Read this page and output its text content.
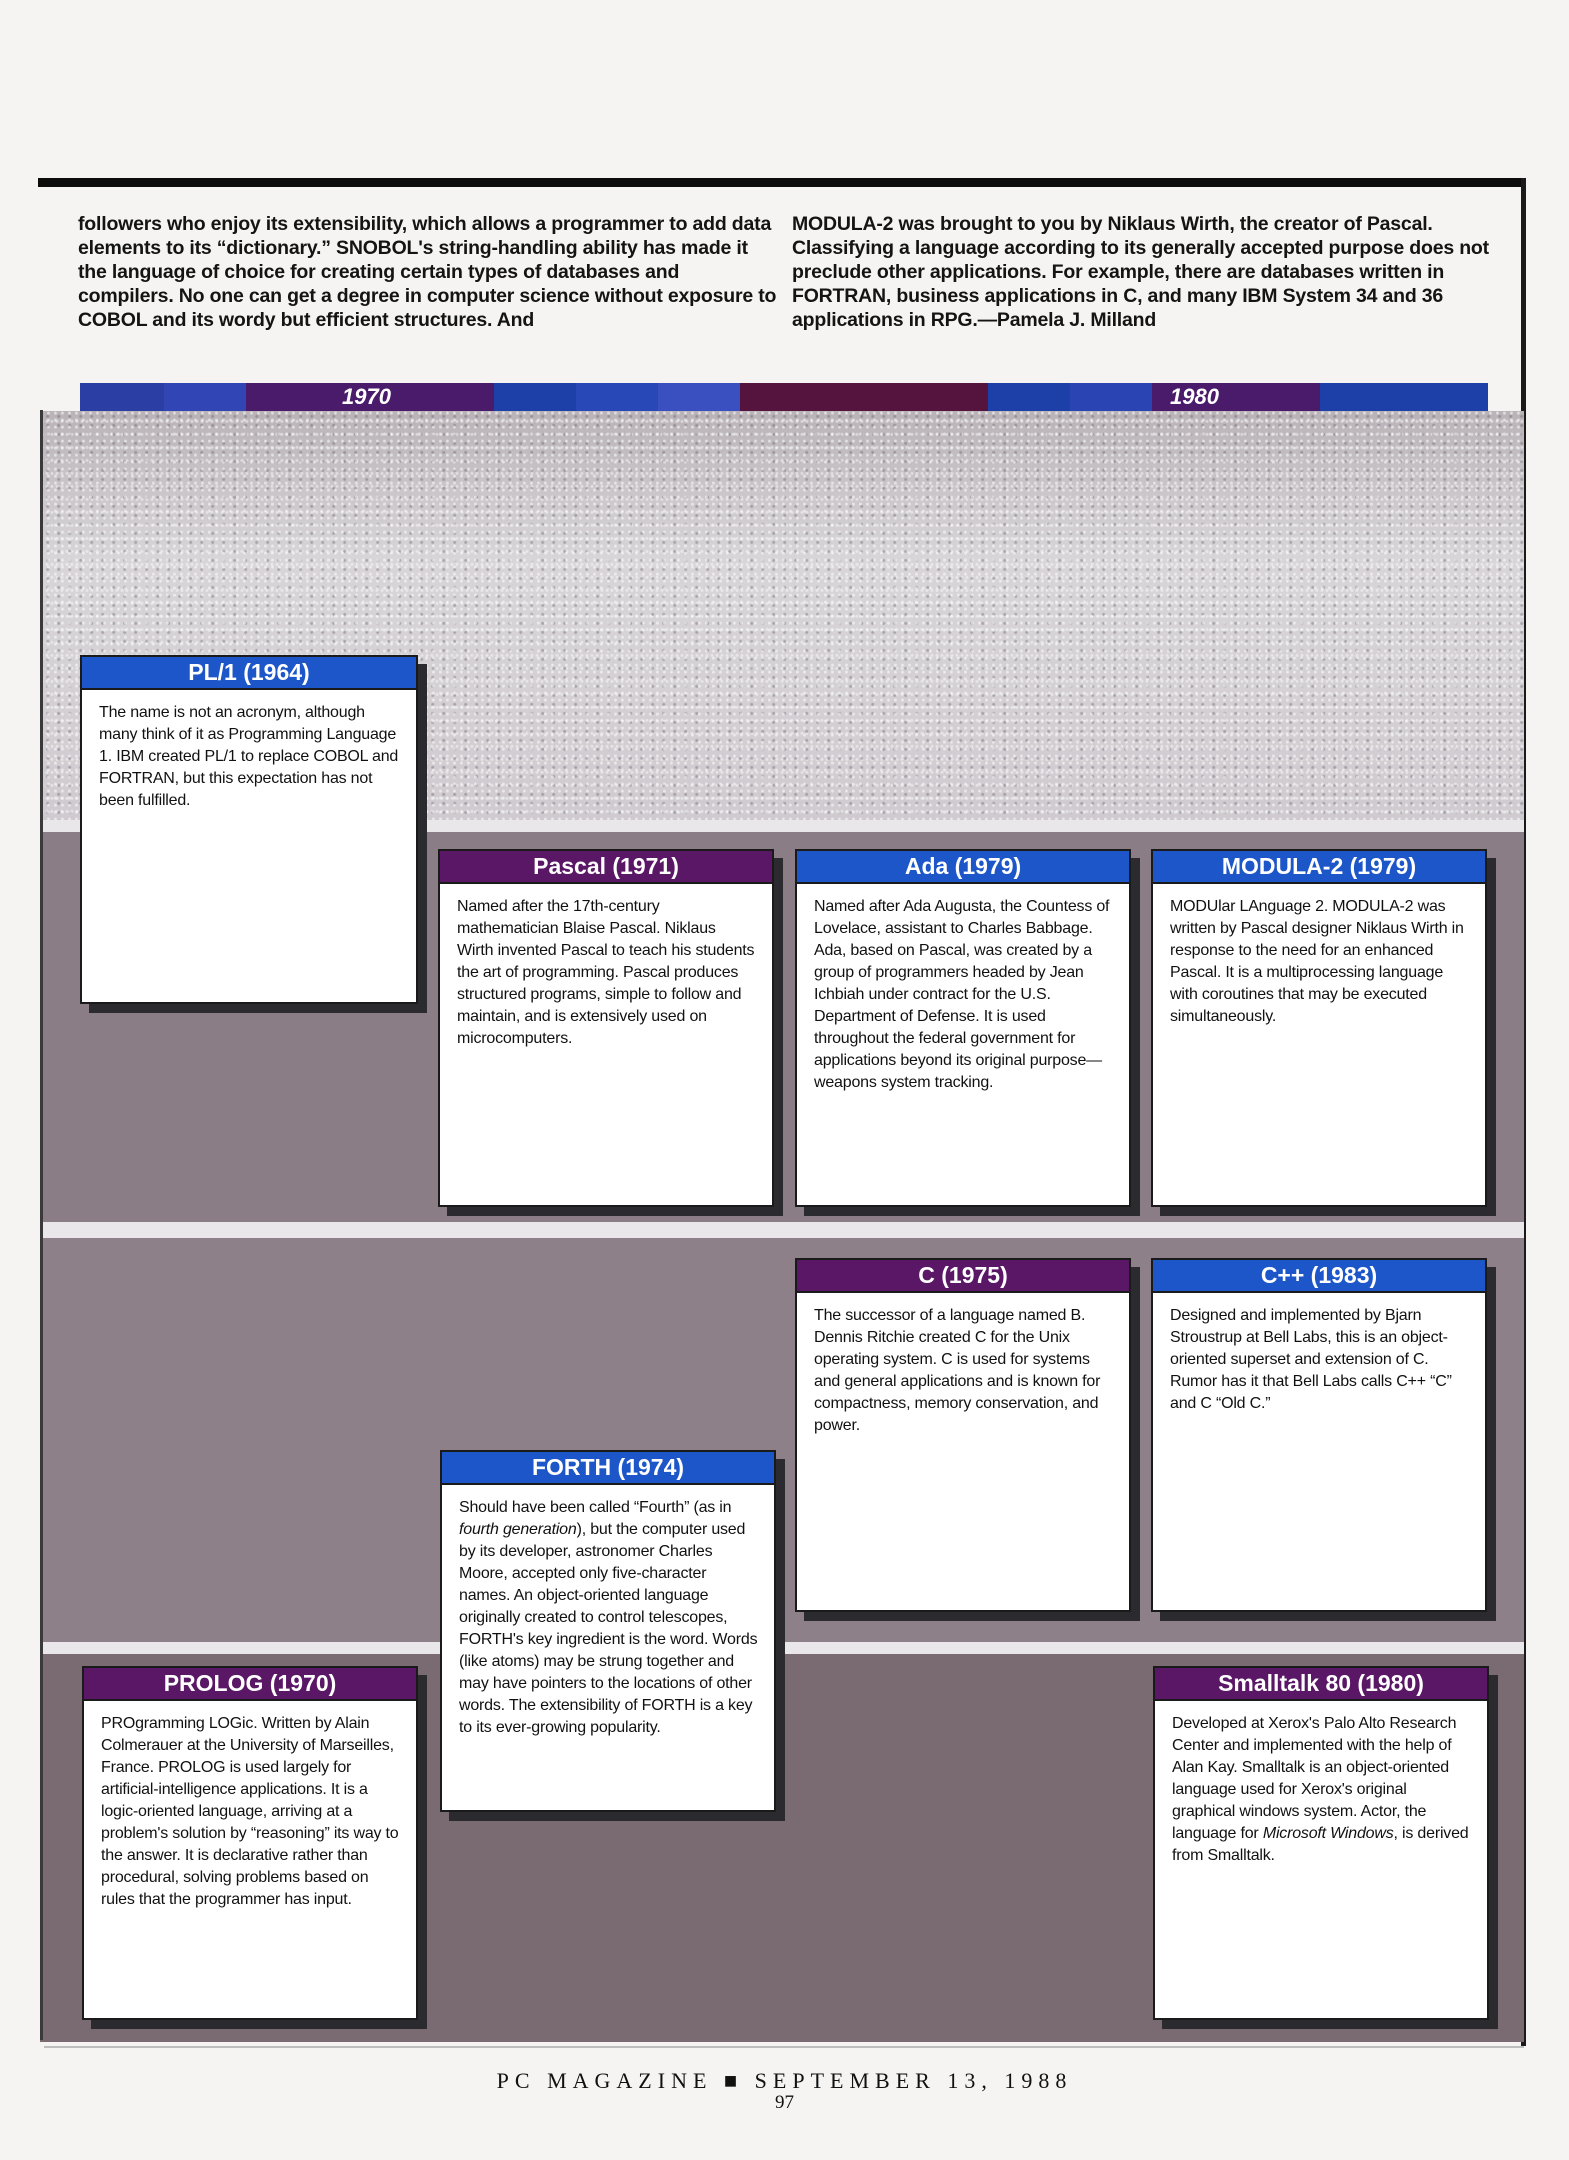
followers who enjoy its extensibility, which allows a programmer to add data elements to its “dictionary.” SNOBOL's string-handling ability has made it the language of choice for creating certain types of databases and compilers. No one can get a degree in computer science without exposure to COBOL and its wordy but efficient structures. And
MODULA-2 was brought to you by Niklaus Wirth, the creator of Pascal. Classifying a language according to its generally accepted purpose does not preclude other applications. For example, there are databases written in FORTRAN, business applications in C, and many IBM System 34 and 36 applications in RPG.—Pamela J. Milland
1970	1980
PL/1 (1964)
The name is not an acronym, although many think of it as Programming Language 1. IBM created PL/1 to replace COBOL and FORTRAN, but this expectation has not been fulfilled.
Pascal (1971)
Named after the 17th-century mathematician Blaise Pascal. Niklaus Wirth invented Pascal to teach his students the art of programming. Pascal produces structured programs, simple to follow and maintain, and is extensively used on microcomputers.
Ada (1979)
Named after Ada Augusta, the Countess of Lovelace, assistant to Charles Babbage. Ada, based on Pascal, was created by a group of programmers headed by Jean Ichbiah under contract for the U.S. Department of Defense. It is used throughout the federal government for applications beyond its original purpose—weapons system tracking.
MODULA-2 (1979)
MODUlar LAnguage 2. MODULA-2 was written by Pascal designer Niklaus Wirth in response to the need for an enhanced Pascal. It is a multiprocessing language with coroutines that may be executed simultaneously.
C (1975)
The successor of a language named B. Dennis Ritchie created C for the Unix operating system. C is used for systems and general applications and is known for compactness, memory conservation, and power.
C++ (1983)
Designed and implemented by Bjarn Stroustrup at Bell Labs, this is an object-oriented superset and extension of C. Rumor has it that Bell Labs calls C++ “C” and C “Old C.”
FORTH (1974)
Should have been called “Fourth” (as in fourth generation), but the computer used by its developer, astronomer Charles Moore, accepted only five-character names. An object-oriented language originally created to control telescopes, FORTH's key ingredient is the word. Words (like atoms) may be strung together and may have pointers to the locations of other words. The extensibility of FORTH is a key to its ever-growing popularity.
PROLOG (1970)
PROgramming LOGic. Written by Alain Colmerauer at the University of Marseilles, France. PROLOG is used largely for artificial-intelligence applications. It is a logic-oriented language, arriving at a problem's solution by “reasoning” its way to the answer. It is declarative rather than procedural, solving problems based on rules that the programmer has input.
Smalltalk 80 (1980)
Developed at Xerox's Palo Alto Research Center and implemented with the help of Alan Kay. Smalltalk is an object-oriented language used for Xerox's original graphical windows system. Actor, the language for Microsoft Windows, is derived from Smalltalk.
PC MAGAZINE ■ SEPTEMBER 13, 1988
97
